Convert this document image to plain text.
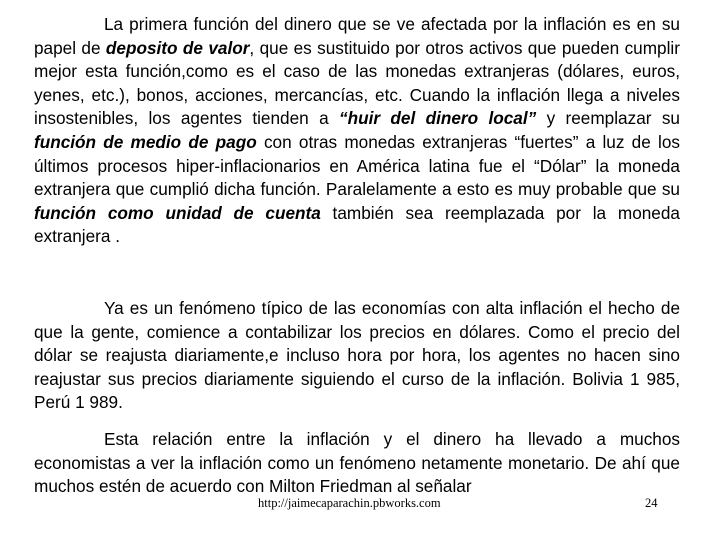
La primera función del dinero que se ve afectada por la inflación es en su papel de deposito de valor, que es sustituido por otros activos que pueden cumplir mejor esta función,como es el caso de las monedas extranjeras (dólares, euros, yenes, etc.), bonos, acciones, mercancías, etc. Cuando la inflación llega a niveles insostenibles, los agentes tienden a “huir del dinero local” y reemplazar su función de medio de pago con otras monedas extranjeras “fuertes” a luz de los últimos procesos hiper-inflacionarios en América latina fue el “Dólar” la moneda extranjera que cumplió dicha función. Paralelamente a esto es muy probable que su función como unidad de cuenta también sea reemplazada por la moneda extranjera .

Ya es un fenómeno típico de las economías con alta inflación el hecho de que la gente, comience a contabilizar los precios en dólares. Como el precio del dólar se reajusta diariamente,e incluso hora por hora, los agentes no hacen sino reajustar sus precios diariamente siguiendo el curso de la inflación. Bolivia 1 985, Perú 1 989.

Esta relación entre la inflación y el dinero ha llevado a muchos economistas a ver la inflación como un fenómeno netamente monetario. De ahí que muchos estén de acuerdo con Milton Friedman al señalar

http://jaimecaparachin.pbworks.com	24
